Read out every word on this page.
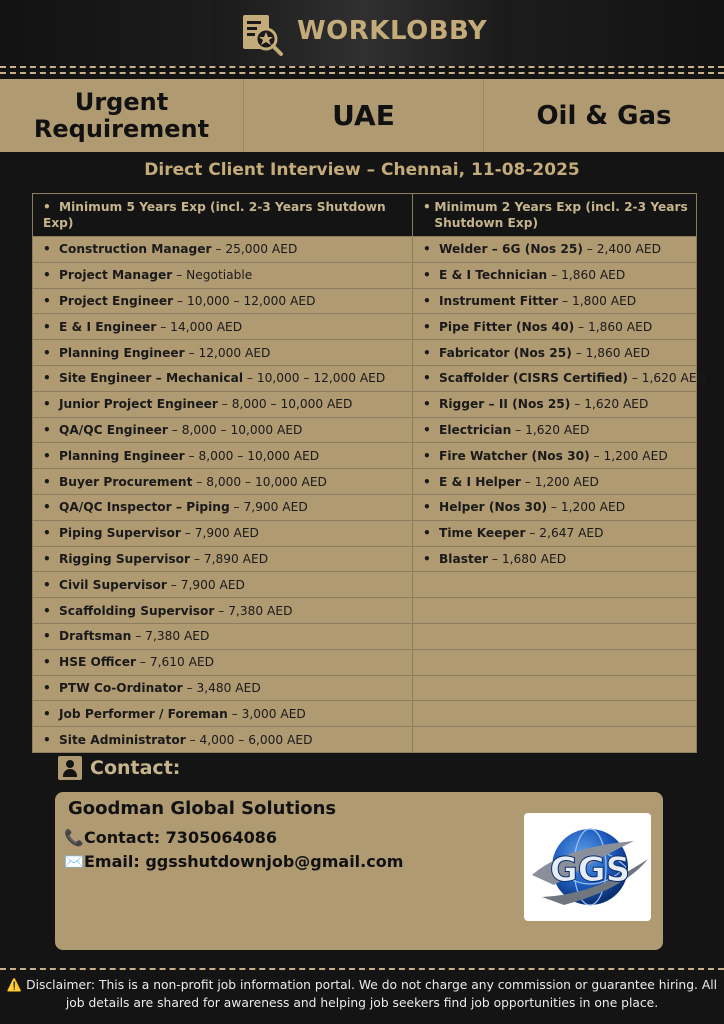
WORKLOBBY
Urgent
Requirement	UAE	Oil & Gas
Direct Client Interview – Chennai, 11-08-2025
• Minimum 5 Years Exp (incl. 2-3 Years Shutdown Exp)	• Minimum 2 Years Exp (incl. 2-3 Years Shutdown Exp)

• Construction Manager – 25,000 AED	• Welder – 6G (Nos 25) – 2,400 AED
• Project Manager – Negotiable	• E & I Technician – 1,860 AED
• Project Engineer – 10,000 – 12,000 AED	• Instrument Fitter – 1,800 AED
• E & I Engineer – 14,000 AED	• Pipe Fitter (Nos 40) – 1,860 AED
• Planning Engineer – 12,000 AED	• Fabricator (Nos 25) – 1,860 AED
• Site Engineer – Mechanical – 10,000 – 12,000 AED	• Scaffolder (CISRS Certified) – 1,620 AED
• Junior Project Engineer – 8,000 – 10,000 AED	• Rigger – II (Nos 25) – 1,620 AED
• QA/QC Engineer – 8,000 – 10,000 AED	• Electrician – 1,620 AED
• Planning Engineer – 8,000 – 10,000 AED	• Fire Watcher (Nos 30) – 1,200 AED
• Buyer Procurement – 8,000 – 10,000 AED	• E & I Helper – 1,200 AED
• QA/QC Inspector – Piping – 7,900 AED	• Helper (Nos 30) – 1,200 AED
• Piping Supervisor – 7,900 AED	• Time Keeper – 2,647 AED
• Rigging Supervisor – 7,890 AED	• Blaster – 1,680 AED
• Civil Supervisor – 7,900 AED	
• Scaffolding Supervisor – 7,380 AED	
• Draftsman – 7,380 AED	
• HSE Officer – 7,610 AED	
• PTW Co-Ordinator – 3,480 AED	
• Job Performer / Foreman – 3,000 AED	
• Site Administrator – 4,000 – 6,000 AED	
Contact:
Goodman Global Solutions
📞 Contact: 7305064086
✉️ Email: ggsshutdownjob@gmail.com	GGS
⚠️ Disclaimer: This is a non-profit job information portal. We do not charge any commission or guarantee hiring. All job details are shared for awareness and helping job seekers find job opportunities in one place.
